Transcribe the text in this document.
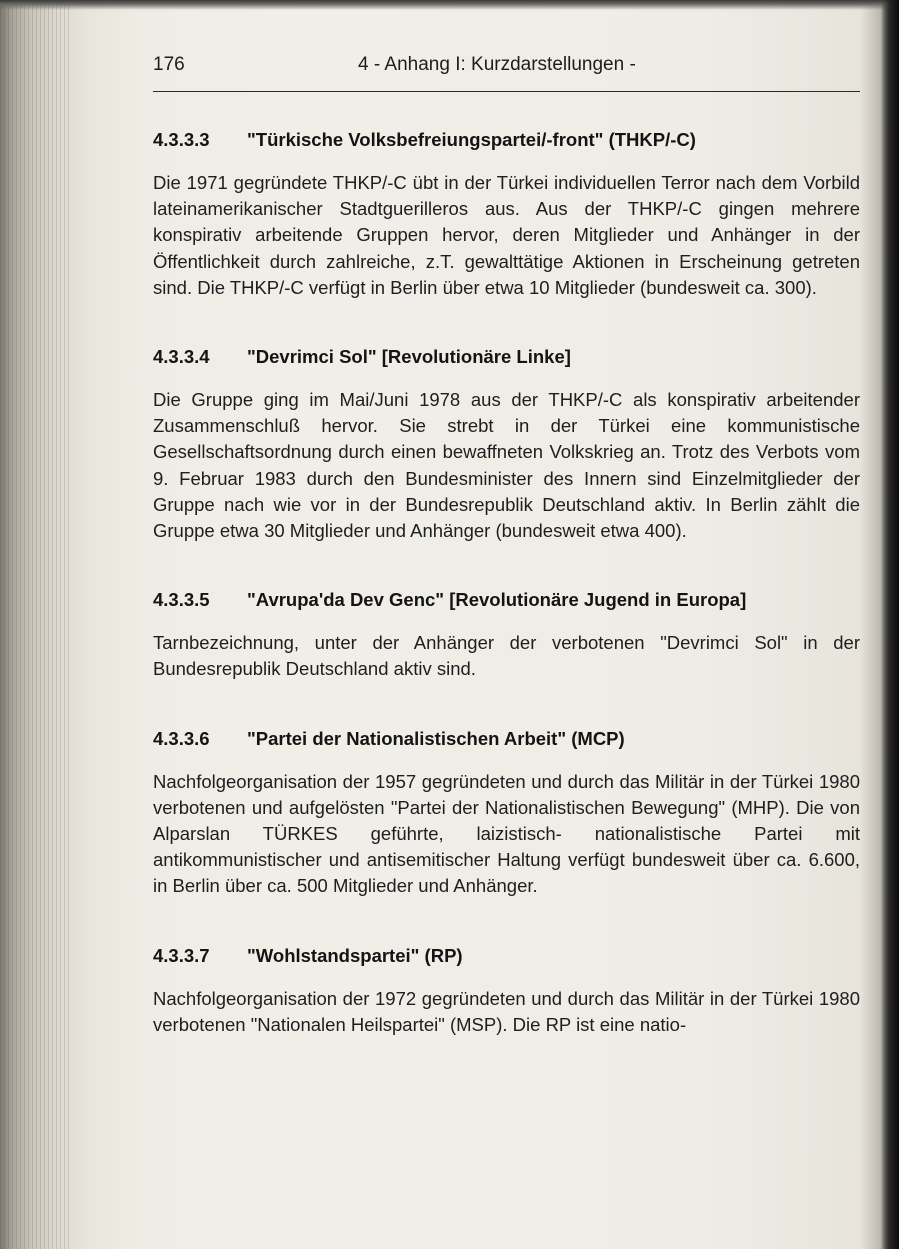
176	4 - Anhang I: Kurzdarstellungen -
4.3.3.3	"Türkische Volksbefreiungspartei/-front" (THKP/-C)

Die 1971 gegründete THKP/-C übt in der Türkei individuellen Terror nach dem Vorbild lateinamerikanischer Stadtguerilleros aus. Aus der THKP/-C gingen mehrere konspirativ arbeitende Gruppen hervor, deren Mitglieder und Anhänger in der Öffentlichkeit durch zahlreiche, z.T. gewalttätige Aktionen in Erscheinung getreten sind. Die THKP/-C verfügt in Berlin über etwa 10 Mitglieder (bundesweit ca. 300).

4.3.3.4	"Devrimci Sol" [Revolutionäre Linke]

Die Gruppe ging im Mai/Juni 1978 aus der THKP/-C als konspirativ arbeitender Zusammenschluß hervor. Sie strebt in der Türkei eine kommunistische Gesellschaftsordnung durch einen bewaffneten Volkskrieg an. Trotz des Verbots vom 9. Februar 1983 durch den Bundesminister des Innern sind Einzelmitglieder der Gruppe nach wie vor in der Bundesrepublik Deutschland aktiv. In Berlin zählt die Gruppe etwa 30 Mitglieder und Anhänger (bundesweit etwa 400).

4.3.3.5	"Avrupa'da Dev Genc" [Revolutionäre Jugend in Europa]

Tarnbezeichnung, unter der Anhänger der verbotenen "Devrimci Sol" in der Bundesrepublik Deutschland aktiv sind.

4.3.3.6	"Partei der Nationalistischen Arbeit" (MCP)

Nachfolgeorganisation der 1957 gegründeten und durch das Militär in der Türkei 1980 verbotenen und aufgelösten "Partei der Nationalistischen Bewegung" (MHP). Die von Alparslan TÜRKES geführte, laizistisch- nationalistische Partei mit antikommunistischer und antisemitischer Haltung verfügt bundesweit über ca. 6.600, in Berlin über ca. 500 Mitglieder und Anhänger.

4.3.3.7	"Wohlstandspartei" (RP)

Nachfolgeorganisation der 1972 gegründeten und durch das Militär in der Türkei 1980 verbotenen "Nationalen Heilspartei" (MSP). Die RP ist eine natio-
